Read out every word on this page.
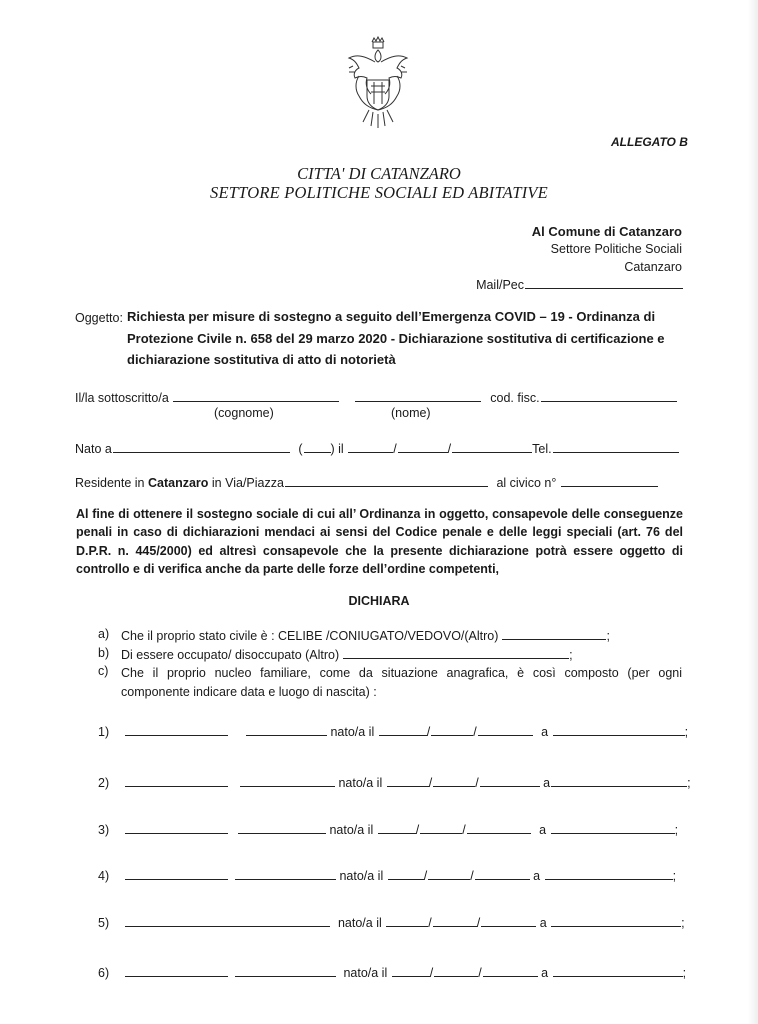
ALLEGATO B
CITTA' DI CATANZARO
SETTORE POLITICHE SOCIALI ED ABITATIVE
Al Comune di Catanzaro
Settore Politiche Sociali
Catanzaro
Mail/Pec
Oggetto: Richiesta per misure di sostegno a seguito dell’Emergenza COVID – 19 - Ordinanza di
Protezione Civile n. 658 del 29 marzo 2020 - Dichiarazione sostitutiva di certificazione e
dichiarazione sostitutiva di atto di notorietà
Il/la sottoscritto/a	cod. fisc.
(cognome)	(nome)
Nato a	( ) il	/	/	Tel.
Residente in Catanzaro in Via/Piazza	al civico n°
Al fine di ottenere il sostegno sociale di cui all’ Ordinanza in oggetto, consapevole delle conseguenze penali in caso di dichiarazioni mendaci ai sensi del Codice penale e delle leggi speciali (art. 76 del D.P.R. n. 445/2000) ed altresì consapevole che la presente dichiarazione potrà essere oggetto di controllo e di verifica anche da parte delle forze dell’ordine competenti,
DICHIARA
a) Che il proprio stato civile è : CELIBE /CONIUGATO/VEDOVO/(Altro)	;
b) Di essere occupato/ disoccupato (Altro)	;
c) Che il proprio nucleo familiare, come da situazione anagrafica, è così composto (per ogni componente indicare data e luogo di nascita) :
1)	nato/a il	/	/	a	;
2)	nato/a il	/	/	a	;
3)	nato/a il	/	/	a	;
4)	nato/a il	/	/	a	;
5)	nato/a il	/	/	a	;
6)	nato/a il	/	/	a	;
